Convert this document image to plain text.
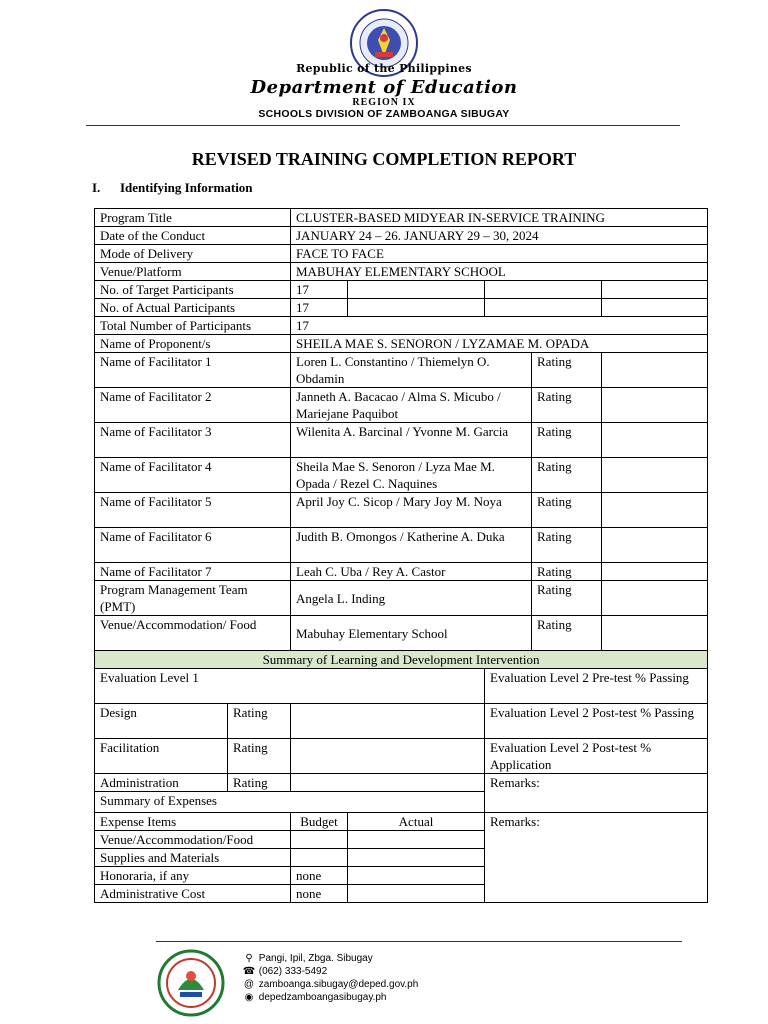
Republic of the Philippines
Department of Education
REGION IX
SCHOOLS DIVISION OF ZAMBOANGA SIBUGAY
REVISED TRAINING COMPLETION REPORT
I. Identifying Information
Program Title		CLUSTER-BASED MIDYEAR IN-SERVICE TRAINING				
Date of the Conduct		JANUARY 24 – 26. JANUARY 29 – 30, 2024				
Mode of Delivery		FACE TO FACE				
Venue/Platform		MABUHAY ELEMENTARY SCHOOL				
No. of Target Participants		17				
No. of Actual Participants		17				
Total Number of Participants		17				
Name of Proponent/s		SHEILA MAE S. SENORON / LYZAMAE M. OPADA				
Name of Facilitator 1		Loren L. Constantino / Thiemelyn O. Obdamin			Rating	
Name of Facilitator 2		Janneth A. Bacacao / Alma S. Micubo / Mariejane Paquibot			Rating	
Name of Facilitator 3		Wilenita A. Barcinal / Yvonne M. Garcia			Rating	
Name of Facilitator 4		Sheila Mae S. Senoron / Lyza Mae M. Opada / Rezel C. Naquines			Rating	
Name of Facilitator 5		April Joy C. Sicop / Mary Joy M. Noya			Rating	
Name of Facilitator 6		Judith B. Omongos / Katherine A. Duka			Rating	
Name of Facilitator 7		Leah C. Uba / Rey A. Castor			Rating	
Program Management Team (PMT)		Angela L. Inding			Rating	
Venue/Accommodation/ Food		Mabuhay Elementary School			Rating	
Summary of Learning and Development Intervention						
Evaluation Level 1				Evaluation Level 2 Pre-test % Passing		
Design	Rating			Evaluation Level 2 Post-test % Passing		
Facilitation	Rating			Evaluation Level 2 Post-test % Application		
Administration	Rating			Remarks:		
Summary of Expenses						
Expense Items		Budget	Actual	Remarks:		
Venue/Accommodation/Food						
Supplies and Materials						
Honoraria, if any		none				
Administrative Cost		none				
⚲ Pangi, Ipil, Zbga. Sibugay
☎ (062) 333-5492
@ zamboanga.sibugay@deped.gov.ph
◉ depedzamboangasibugay.ph
